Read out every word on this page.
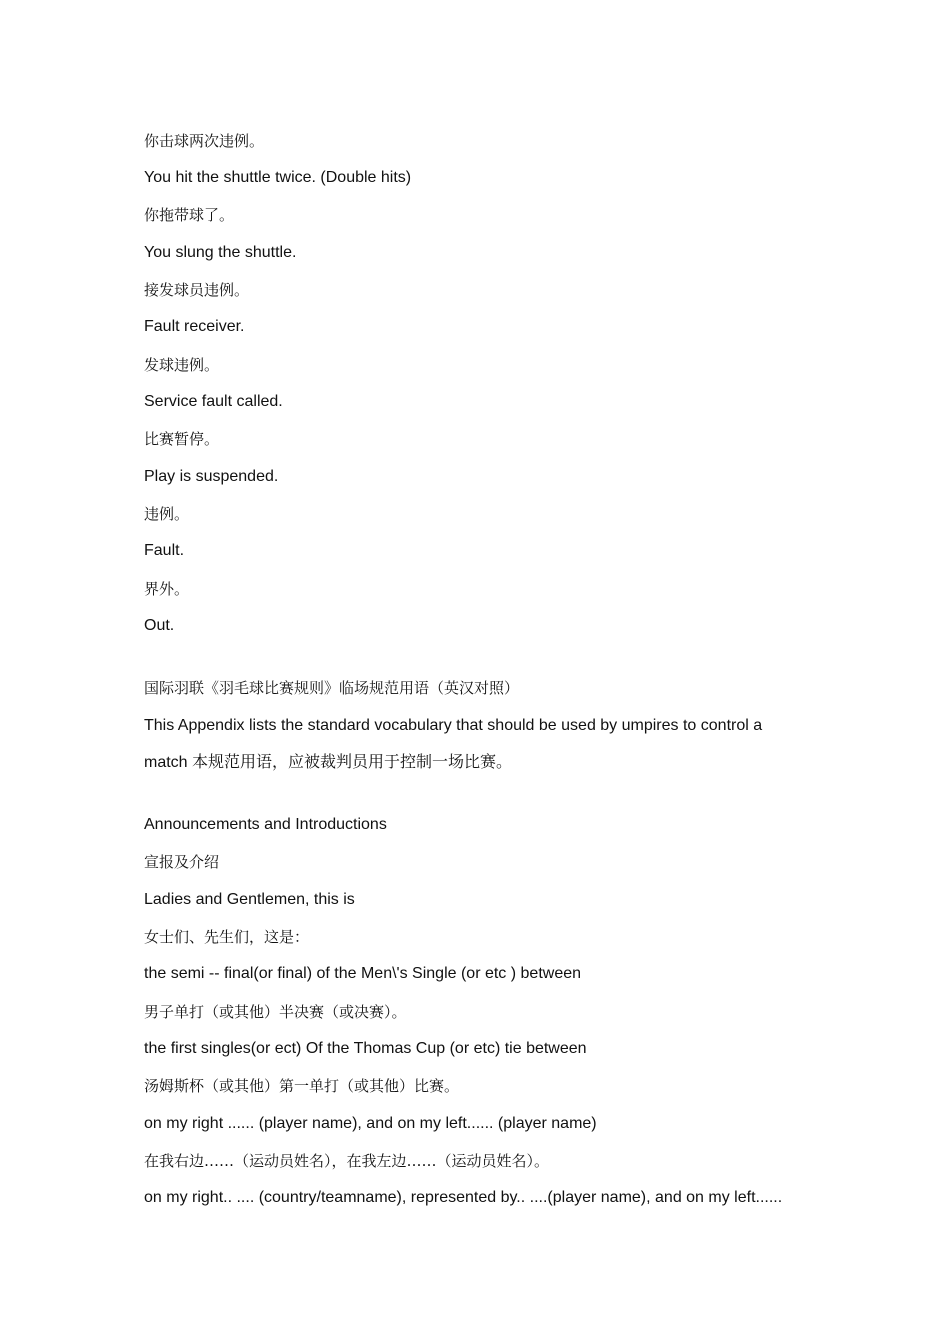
你击球两次违例。

You hit the shuttle twice. (Double hits)

你拖带球了。

You slung the shuttle.

接发球员违例。

Fault receiver.

发球违例。

Service fault called.

比赛暂停。

Play is suspended.

违例。

Fault.

界外。

Out.

国际羽联《羽毛球比赛规则》临场规范用语（英汉对照）

This Appendix lists the standard vocabulary that should be used by umpires to control a

match 本规范用语，应被裁判员用于控制一场比赛。

Announcements and Introductions

宣报及介绍

Ladies and Gentlemen, this is

女士们、先生们，这是：

the semi -- final(or final) of the Men\'s Single (or etc ) between

男子单打（或其他）半决赛（或决赛）。

the first singles(or ect) Of the Thomas Cup (or etc) tie between

汤姆斯杯（或其他）第一单打（或其他）比赛。

on my right ...... (player name), and on my left...... (player name)

在我右边……（运动员姓名），在我左边……（运动员姓名）。

on my right.. .... (country/teamname), represented by.. ....(player name), and on my left......
